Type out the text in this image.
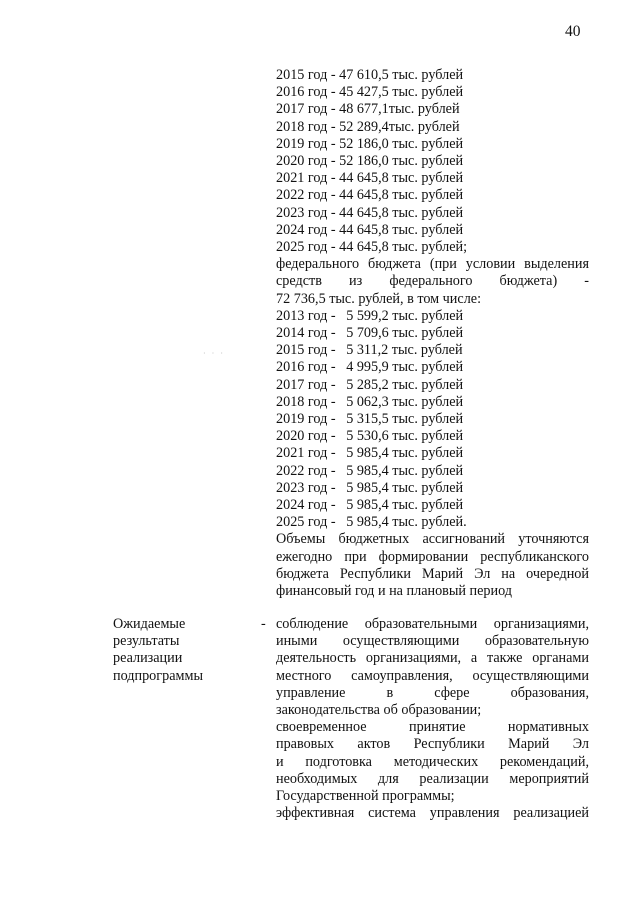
40
· · ·
2015 год - 47 610,5 тыс. рублей
2016 год - 45 427,5 тыс. рублей
2017 год - 48 677,1тыс. рублей
2018 год - 52 289,4тыс. рублей
2019 год - 52 186,0 тыс. рублей
2020 год - 52 186,0 тыс. рублей
2021 год - 44 645,8 тыс. рублей
2022 год - 44 645,8 тыс. рублей
2023 год - 44 645,8 тыс. рублей
2024 год - 44 645,8 тыс. рублей
2025 год - 44 645,8 тыс. рублей;
федерального бюджета (при условии выделения
средств из федерального бюджета) -
72 736,5 тыс. рублей, в том числе:
2013 год -   5 599,2 тыс. рублей
2014 год -   5 709,6 тыс. рублей
2015 год -   5 311,2 тыс. рублей
2016 год -   4 995,9 тыс. рублей
2017 год -   5 285,2 тыс. рублей
2018 год -   5 062,3 тыс. рублей
2019 год -   5 315,5 тыс. рублей
2020 год -   5 530,6 тыс. рублей
2021 год -   5 985,4 тыс. рублей
2022 год -   5 985,4 тыс. рублей
2023 год -   5 985,4 тыс. рублей
2024 год -   5 985,4 тыс. рублей
2025 год -   5 985,4 тыс. рублей.
Объемы бюджетных ассигнований уточняются
ежегодно при формировании республиканского
бюджета Республики Марий Эл на очередной
финансовый год и на плановый период
Ожидаемые
результаты
реализации
подпрограммы
- соблюдение образовательными организациями,
иными осуществляющими образовательную
деятельность организациями, а также органами
местного самоуправления, осуществляющими
управление в сфере образования,
законодательства об образовании;
своевременное принятие нормативных
правовых актов Республики Марий Эл
и подготовка методических рекомендаций,
необходимых для реализации мероприятий
Государственной программы;
эффективная система управления реализацией
